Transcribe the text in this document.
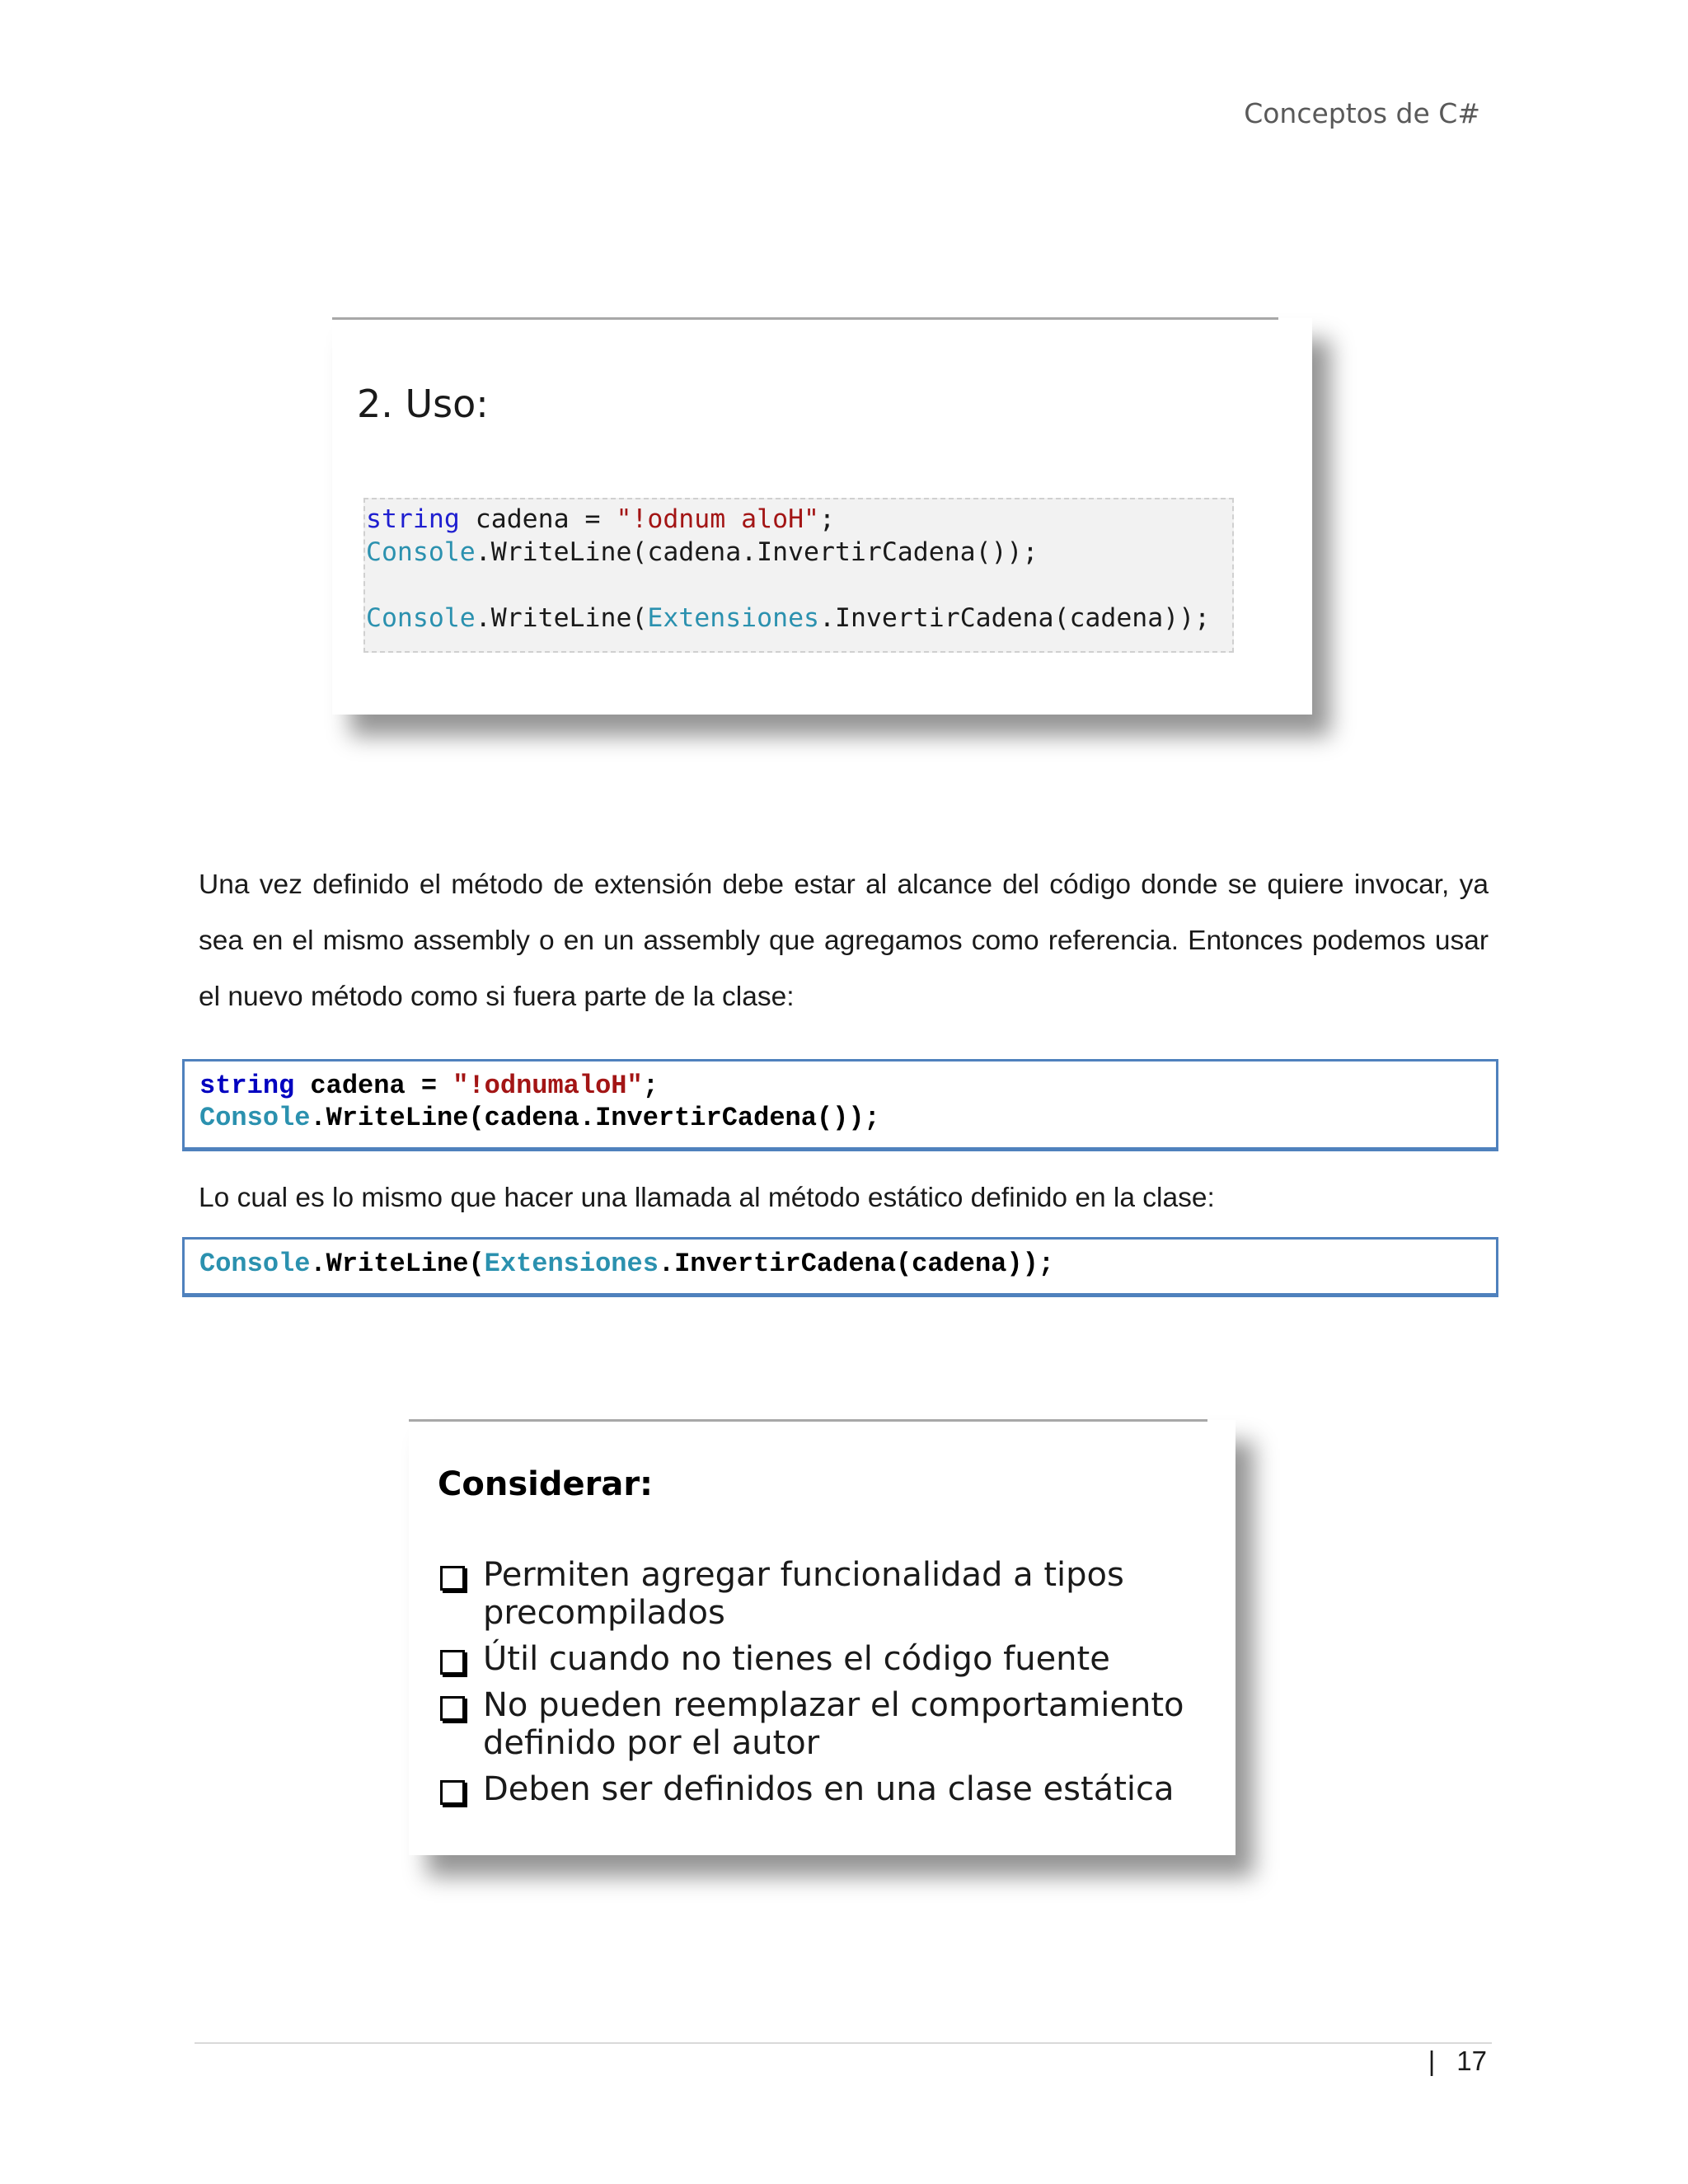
Conceptos de C#
2. Uso:
string cadena = "!odnum aloH";
Console.WriteLine(cadena.InvertirCadena());

Console.WriteLine(Extensiones.InvertirCadena(cadena));
Una vez definido el método de extensión debe estar al alcance del código donde se quiere invocar, ya sea en el mismo assembly o en un assembly que agregamos como referencia. Entonces podemos usar el nuevo método como si fuera parte de la clase:
string cadena = "!odnumaloH";
Console.WriteLine(cadena.InvertirCadena());
Lo cual es lo mismo que hacer una llamada al método estático definido en la clase:
Console.WriteLine(Extensiones.InvertirCadena(cadena));
Considerar:
Permiten agregar funcionalidad a tipos precompilados
Útil cuando no tienes el código fuente
No pueden reemplazar el comportamiento definido por el autor
Deben ser definidos en una clase estática
| 17
